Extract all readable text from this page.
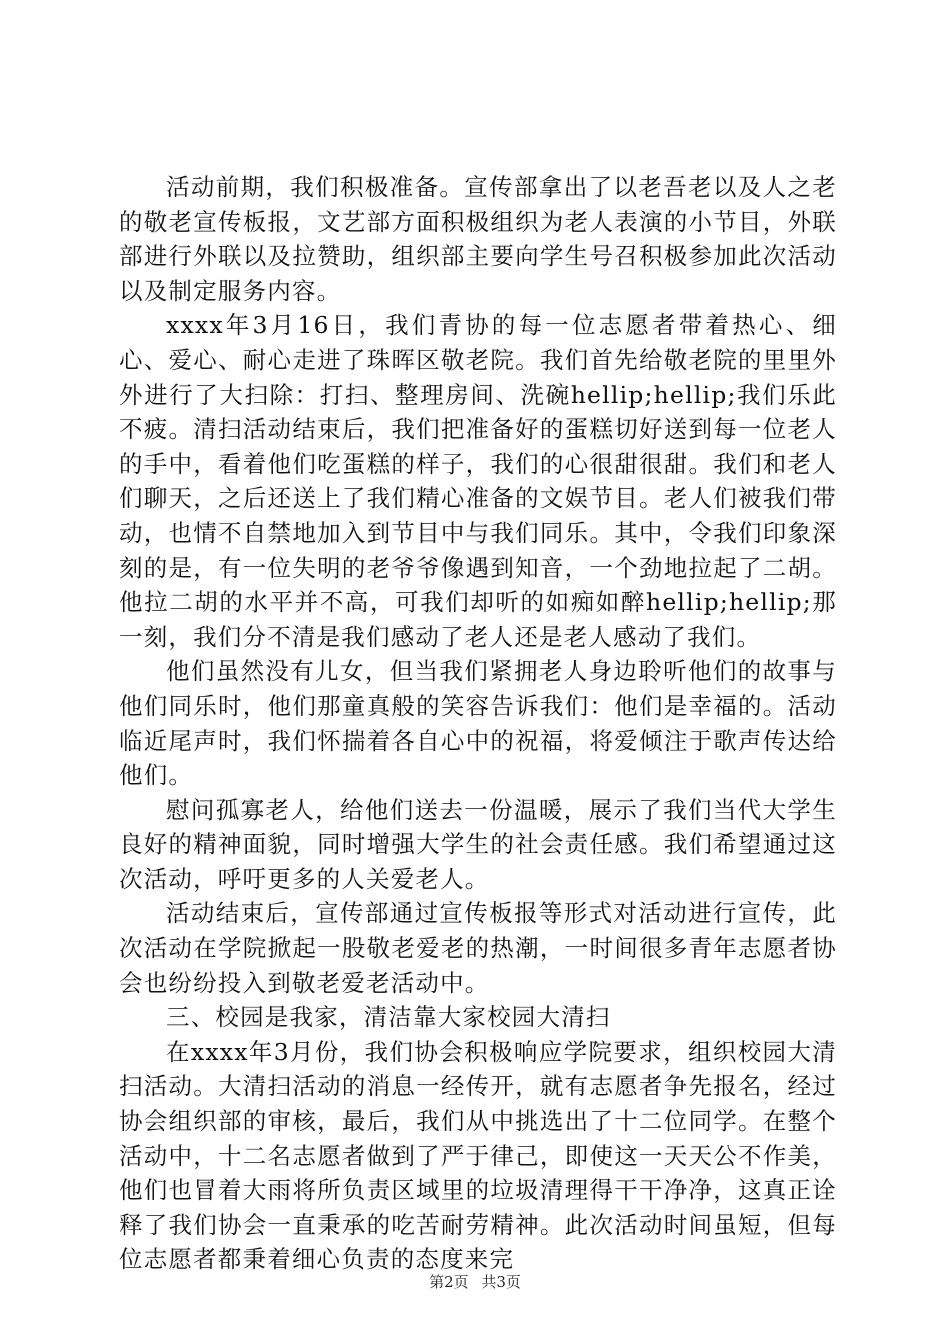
活动前期，我们积极准备。宣传部拿出了以老吾老以及人之老的敬老宣传板报，文艺部方面积极组织为老人表演的小节目，外联部进行外联以及拉赞助，组织部主要向学生号召积极参加此次活动以及制定服务内容。

xxxx年3月16日，我们青协的每一位志愿者带着热心、细心、爱心、耐心走进了珠晖区敬老院。我们首先给敬老院的里里外外进行了大扫除：打扫、整理房间、洗碗hellip;hellip;我们乐此不疲。清扫活动结束后，我们把准备好的蛋糕切好送到每一位老人的手中，看着他们吃蛋糕的样子，我们的心很甜很甜。我们和老人们聊天，之后还送上了我们精心准备的文娱节目。老人们被我们带动，也情不自禁地加入到节目中与我们同乐。其中，令我们印象深刻的是，有一位失明的老爷爷像遇到知音，一个劲地拉起了二胡。他拉二胡的水平并不高，可我们却听的如痴如醉hellip;hellip;那一刻，我们分不清是我们感动了老人还是老人感动了我们。

他们虽然没有儿女，但当我们紧拥老人身边聆听他们的故事与他们同乐时，他们那童真般的笑容告诉我们：他们是幸福的。活动临近尾声时，我们怀揣着各自心中的祝福，将爱倾注于歌声传达给他们。

慰问孤寡老人，给他们送去一份温暖，展示了我们当代大学生良好的精神面貌，同时增强大学生的社会责任感。我们希望通过这次活动，呼吁更多的人关爱老人。

活动结束后，宣传部通过宣传板报等形式对活动进行宣传，此次活动在学院掀起一股敬老爱老的热潮，一时间很多青年志愿者协会也纷纷投入到敬老爱老活动中。

三、校园是我家，清洁靠大家校园大清扫

在xxxx年3月份，我们协会积极响应学院要求，组织校园大清扫活动。大清扫活动的消息一经传开，就有志愿者争先报名，经过协会组织部的审核，最后，我们从中挑选出了十二位同学。在整个活动中，十二名志愿者做到了严于律己，即使这一天天公不作美，他们也冒着大雨将所负责区域里的垃圾清理得干干净净，这真正诠释了我们协会一直秉承的吃苦耐劳精神。此次活动时间虽短，但每位志愿者都秉着细心负责的态度来完

第2页 共3页
